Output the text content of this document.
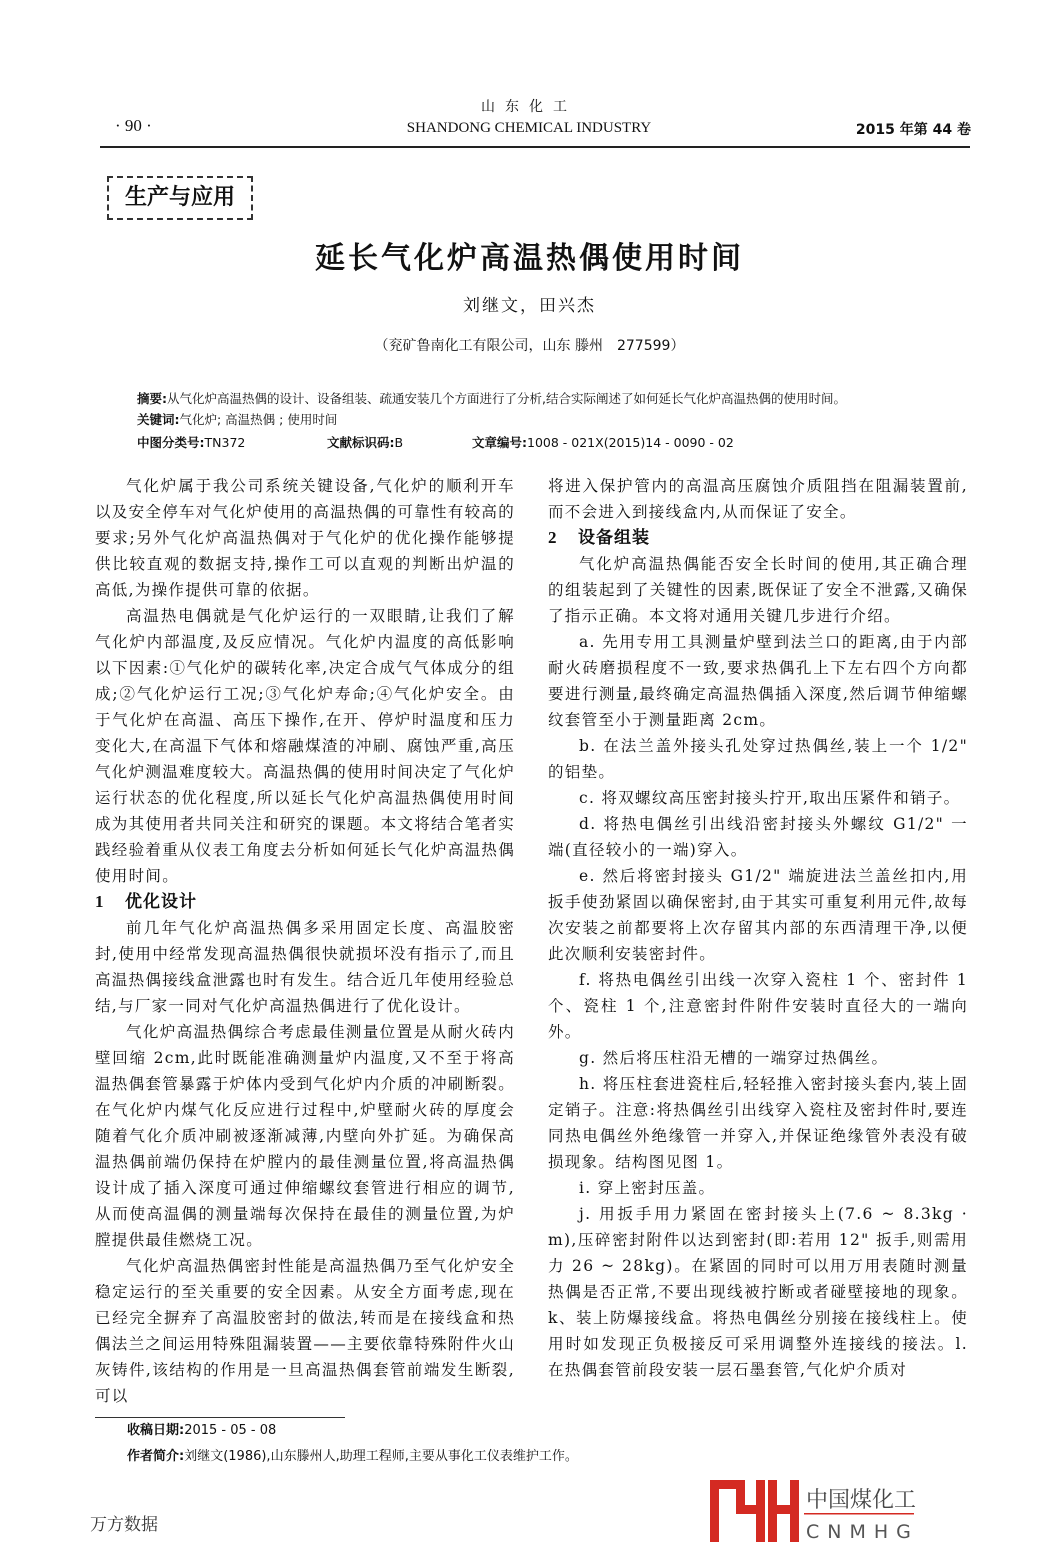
· 90 ·
山东化工
SHANDONG CHEMICAL INDUSTRY	2015 年第 44 卷
生产与应用
延长气化炉高温热偶使用时间
刘继文，田兴杰
（兖矿鲁南化工有限公司，山东 滕州　277599）
摘要:从气化炉高温热偶的设计、设备组装、疏通安装几个方面进行了分析,结合实际阐述了如何延长气化炉高温热偶的使用时间。
关键词:气化炉; 高温热偶 ; 使用时间
中图分类号:TN372	文献标识码:B	文章编号:1008 - 021X(2015)14 - 0090 - 02

气化炉属于我公司系统关键设备,气化炉的顺利开车以及安全停车对气化炉使用的高温热偶的可靠性有较高的要求;另外气化炉高温热偶对于气化炉的优化操作能够提供比较直观的数据支持,操作工可以直观的判断出炉温的高低,为操作提供可靠的依据。

高温热电偶就是气化炉运行的一双眼睛,让我们了解气化炉内部温度,及反应情况。气化炉内温度的高低影响以下因素:①气化炉的碳转化率,决定合成气气体成分的组成;②气化炉运行工况;③气化炉寿命;④气化炉安全。由于气化炉在高温、高压下操作,在开、停炉时温度和压力变化大,在高温下气体和熔融煤渣的冲刷、腐蚀严重,高压气化炉测温难度较大。高温热偶的使用时间决定了气化炉运行状态的优化程度,所以延长气化炉高温热偶使用时间成为其使用者共同关注和研究的课题。本文将结合笔者实践经验着重从仪表工角度去分析如何延长气化炉高温热偶使用时间。

1 优化设计

前几年气化炉高温热偶多采用固定长度、高温胶密封,使用中经常发现高温热偶很快就损坏没有指示了,而且高温热偶接线盒泄露也时有发生。结合近几年使用经验总结,与厂家一同对气化炉高温热偶进行了优化设计。

气化炉高温热偶综合考虑最佳测量位置是从耐火砖内壁回缩 2cm,此时既能准确测量炉内温度,又不至于将高温热偶套管暴露于炉体内受到气化炉内介质的冲刷断裂。在气化炉内煤气化反应进行过程中,炉壁耐火砖的厚度会随着气化介质冲刷被逐渐减薄,内壁向外扩延。为确保高温热偶前端仍保持在炉膛内的最佳测量位置,将高温热偶设计成了插入深度可通过伸缩螺纹套管进行相应的调节,从而使高温偶的测量端每次保持在最佳的测量位置,为炉膛提供最佳燃烧工况。

气化炉高温热偶密封性能是高温热偶乃至气化炉安全稳定运行的至关重要的安全因素。从安全方面考虑,现在已经完全摒弃了高温胶密封的做法,转而是在接线盒和热偶法兰之间运用特殊阻漏装置——主要依靠特殊附件火山灰铸件,该结构的作用是一旦高温热偶套管前端发生断裂,可以

将进入保护管内的高温高压腐蚀介质阻挡在阻漏装置前,而不会进入到接线盒内,从而保证了安全。

2 设备组装

气化炉高温热偶能否安全长时间的使用,其正确合理的组装起到了关键性的因素,既保证了安全不泄露,又确保了指示正确。本文将对通用关键几步进行介绍。

a. 先用专用工具测量炉壁到法兰口的距离,由于内部耐火砖磨损程度不一致,要求热偶孔上下左右四个方向都要进行测量,最终确定高温热偶插入深度,然后调节伸缩螺纹套管至小于测量距离 2cm。

b. 在法兰盖外接头孔处穿过热偶丝,装上一个 1/2" 的铝垫。

c. 将双螺纹高压密封接头拧开,取出压紧件和销子。

d. 将热电偶丝引出线沿密封接头外螺纹 G1/2" 一端(直径较小的一端)穿入。

e. 然后将密封接头 G1/2" 端旋进法兰盖丝扣内,用扳手使劲紧固以确保密封,由于其实可重复利用元件,故每次安装之前都要将上次存留其内部的东西清理干净,以便此次顺利安装密封件。

f. 将热电偶丝引出线一次穿入瓷柱 1 个、密封件 1 个、瓷柱 1 个,注意密封件附件安装时直径大的一端向外。

g. 然后将压柱沿无槽的一端穿过热偶丝。

h. 将压柱套进瓷柱后,轻轻推入密封接头套内,装上固定销子。注意:将热偶丝引出线穿入瓷柱及密封件时,要连同热电偶丝外绝缘管一并穿入,并保证绝缘管外表没有破损现象。结构图见图 1。

i. 穿上密封压盖。

j. 用扳手用力紧固在密封接头上(7.6 ~ 8.3kg · m),压碎密封附件以达到密封(即:若用 12" 扳手,则需用力 26 ~ 28kg)。在紧固的同时可以用万用表随时测量热偶是否正常,不要出现线被拧断或者碰壁接地的现象。k、装上防爆接线盒。将热电偶丝分别接在接线柱上。使用时如发现正负极接反可采用调整外连接线的接法。l. 在热偶套管前段安装一层石墨套管,气化炉介质对

收稿日期:2015 - 05 - 08
作者简介:刘继文(1986),山东滕州人,助理工程师,主要从事化工仪表维护工作。
万方数据
中国煤化工
CNMHG
